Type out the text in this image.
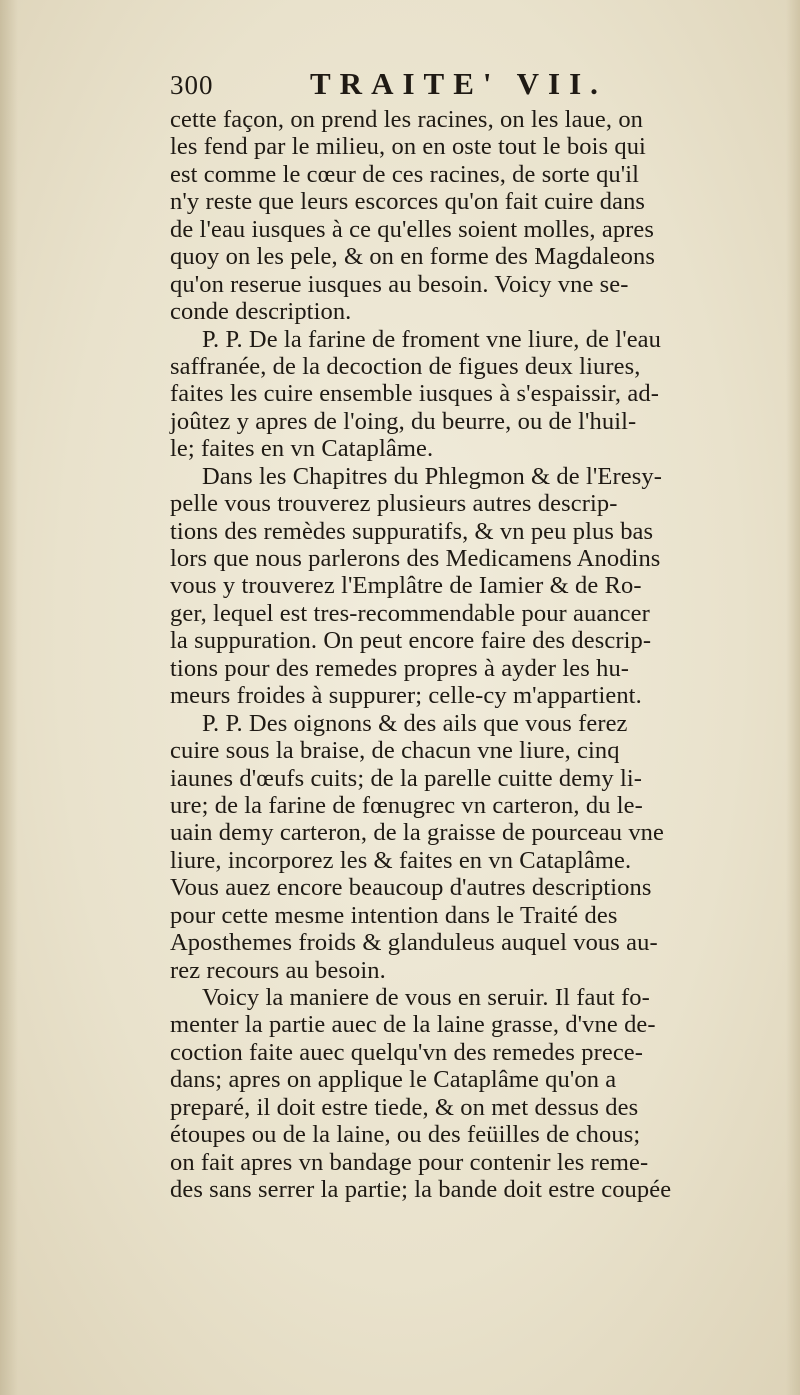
300	TRAITE' VII.
cette façon, on prend les racines, on les laue, on
les fend par le milieu, on en oste tout le bois qui
est comme le cœur de ces racines, de sorte qu'il
n'y reste que leurs escorces qu'on fait cuire dans
de l'eau iusques à ce qu'elles soient molles, apres
quoy on les pele, & on en forme des Magdaleons
qu'on reserue iusques au besoin. Voicy vne se-
conde description.
P. P. De la farine de froment vne liure, de l'eau
saffranée, de la decoction de figues deux liures,
faites les cuire ensemble iusques à s'espaissir, ad-
joûtez y apres de l'oing, du beurre, ou de l'huil-
le; faites en vn Cataplâme.
Dans les Chapitres du Phlegmon & de l'Eresy-
pelle vous trouverez plusieurs autres descrip-
tions des remèdes suppuratifs, & vn peu plus bas
lors que nous parlerons des Medicamens Anodins
vous y trouverez l'Emplâtre de Iamier & de Ro-
ger, lequel est tres-recommendable pour auancer
la suppuration. On peut encore faire des descrip-
tions pour des remedes propres à ayder les hu-
meurs froides à suppurer; celle-cy m'appartient.
P. P. Des oignons & des ails que vous ferez
cuire sous la braise, de chacun vne liure, cinq
iaunes d'œufs cuits; de la parelle cuitte demy li-
ure; de la farine de fœnugrec vn carteron, du le-
uain demy carteron, de la graisse de pourceau vne
liure, incorporez les & faites en vn Cataplâme.
Vous auez encore beaucoup d'autres descriptions
pour cette mesme intention dans le Traité des
Aposthemes froids & glanduleus auquel vous au-
rez recours au besoin.
Voicy la maniere de vous en seruir. Il faut fo-
menter la partie auec de la laine grasse, d'vne de-
coction faite auec quelqu'vn des remedes prece-
dans; apres on applique le Cataplâme qu'on a
preparé, il doit estre tiede, & on met dessus des
étoupes ou de la laine, ou des feüilles de chous;
on fait apres vn bandage pour contenir les reme-
des sans serrer la partie; la bande doit estre coupée
